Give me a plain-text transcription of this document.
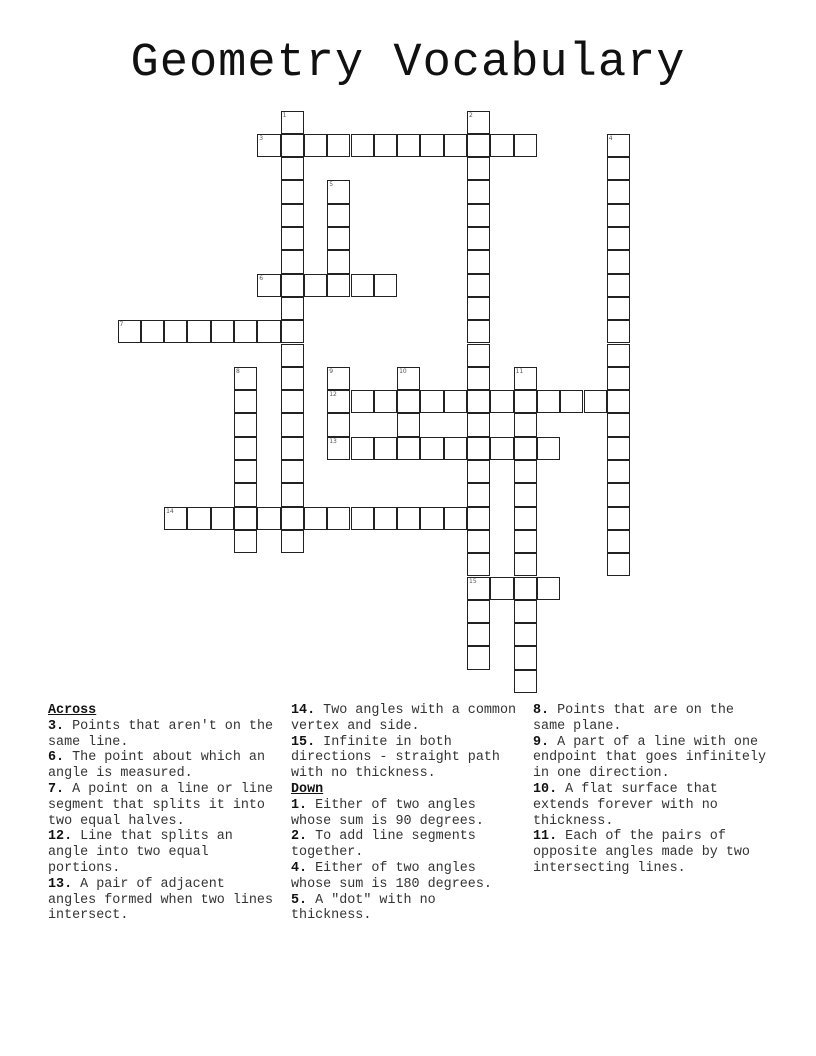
Geometry Vocabulary
1	2
15
3	4
5
6
7
8	9
12
10	11
13
14
Across

3. Points that aren't on the same line.

6. The point about which an angle is measured.

7. A point on a line or line segment that splits it into two equal halves.

12. Line that splits an angle into two equal portions.

13. A pair of adjacent angles formed when two lines intersect.

14. Two angles with a common vertex and side.

15. Infinite in both directions - straight path with no thickness.

Down

1. Either of two angles whose sum is 90 degrees.

2. To add line segments together.

4. Either of two angles whose sum is 180 degrees.

5. A "dot" with no thickness.

8. Points that are on the same plane.

9. A part of a line with one endpoint that goes infinitely in one direction.

10. A flat surface that extends forever with no thickness.

11. Each of the pairs of opposite angles made by two intersecting lines.
